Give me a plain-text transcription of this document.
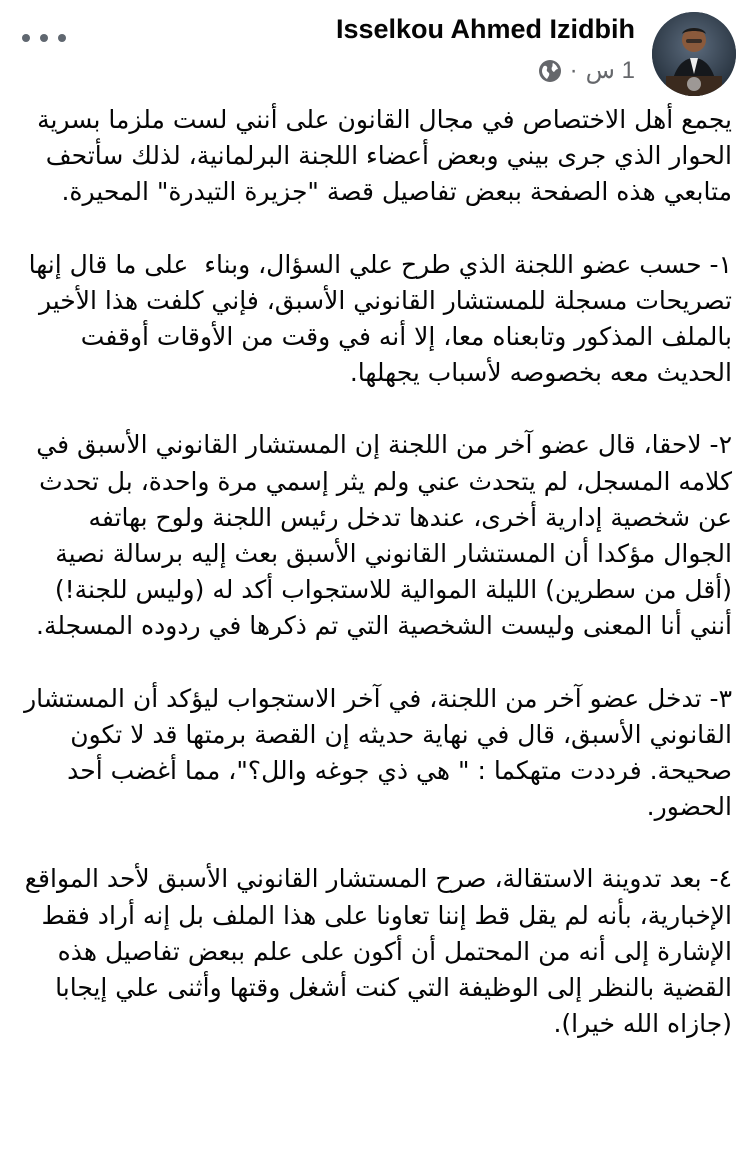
Isselkou Ahmed Izidbih
1 س
·

يجمع أهل الاختصاص في مجال القانون على أنني لست ملزما بسرية الحوار الذي جرى بيني وبعض أعضاء اللجنة البرلمانية، لذلك سأتحف متابعي هذه الصفحة ببعض تفاصيل قصة "جزيرة التيدرة" المحيرة.

١- حسب عضو اللجنة الذي طرح علي السؤال، وبناء  على ما قال إنها تصريحات مسجلة للمستشار القانوني الأسبق، فإني كلفت هذا الأخير  بالملف المذكور وتابعناه معا، إلا أنه في وقت من الأوقات أوقفت الحديث معه بخصوصه لأسباب يجهلها.

٢- لاحقا، قال عضو آخر من اللجنة إن المستشار القانوني الأسبق في كلامه المسجل، لم يتحدث عني ولم يثر إسمي مرة واحدة، بل تحدث عن شخصية إدارية أخرى، عندها تدخل رئيس اللجنة ولوح بهاتفه الجوال مؤكدا أن المستشار القانوني الأسبق بعث إليه برسالة نصية (أقل من سطرين) الليلة الموالية للاستجواب أكد له (وليس للجنة!)  أنني أنا المعنى وليست الشخصية التي تم ذكرها في ردوده المسجلة.

٣- تدخل عضو آخر من اللجنة، في آخر الاستجواب ليؤكد أن المستشار القانوني الأسبق، قال في نهاية حديثه إن القصة برمتها قد لا تكون صحيحة. فرددت متهكما : " هي ذي جوغه والل؟"، مما أغضب أحد الحضور.

٤- بعد تدوينة الاستقالة، صرح المستشار القانوني الأسبق لأحد المواقع الإخبارية، بأنه لم يقل قط إننا تعاونا على هذا الملف بل إنه أراد فقط الإشارة إلى أنه من المحتمل أن أكون على علم ببعض تفاصيل هذه القضية بالنظر إلى الوظيفة التي كنت أشغل وقتها وأثنى علي إيجابا (جازاه الله خيرا).
